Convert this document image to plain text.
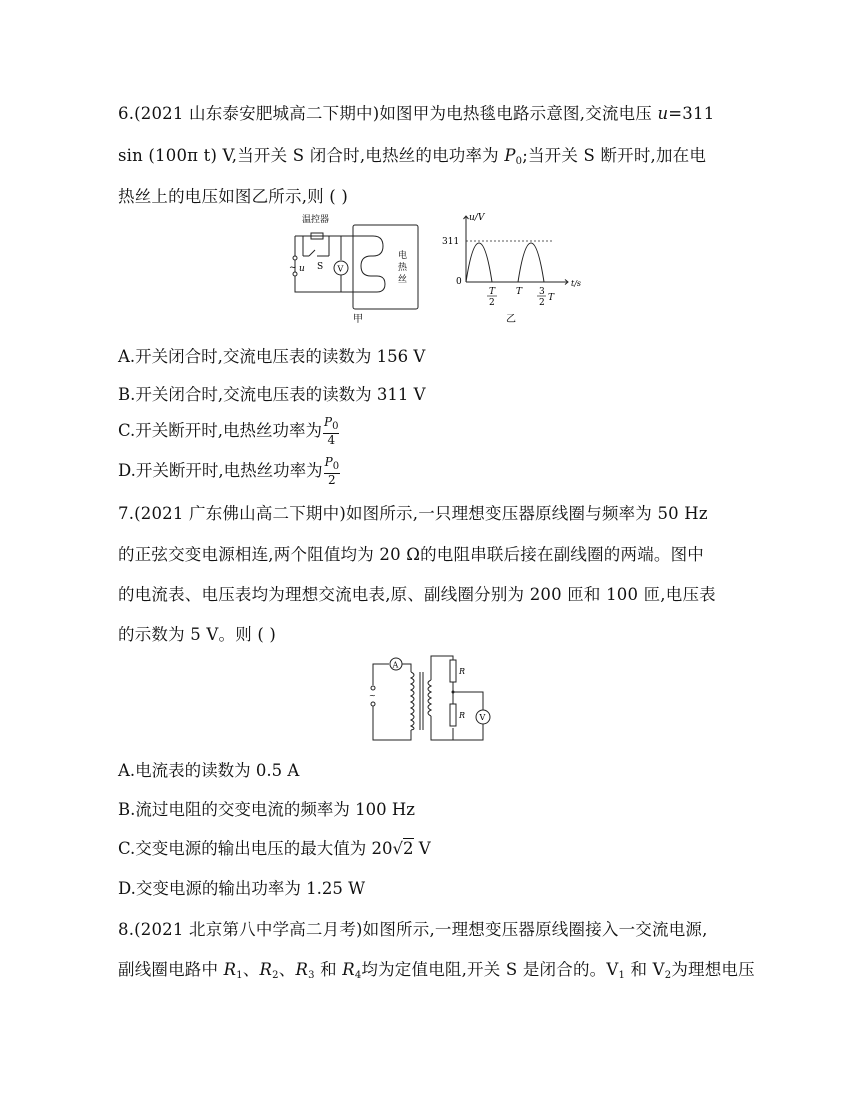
6.(2021 山东泰安肥城高二下期中)如图甲为电热毯电路示意图,交流电压 u=311
sin (100π t) V,当开关 S 闭合时,电热丝的电功率为 $P_0$;当开关 S 断开时,加在电
热丝上的电压如图乙所示,则 ( )
温控器
S
~ u	V
电
热
丝
甲
u/V
311
0	t/s
T
2
T 3
2 T
乙
A.开关闭合时,交流电压表的读数为 156 V
B.开关闭合时,交流电压表的读数为 311 V
C.开关断开时,电热丝功率为 $\frac{P_0}{4}$
D.开关断开时,电热丝功率为 $\frac{P_0}{2}$
7.(2021 广东佛山高二下期中)如图所示,一只理想变压器原线圈与频率为 50 Hz
的正弦交变电源相连,两个阻值均为 20 Ω的电阻串联后接在副线圈的两端。图中
的电流表、电压表均为理想交流电表,原、副线圈分别为 200 匝和 100 匝,电压表
的示数为 5 V。则 ( )
A
~
R
R V
A.电流表的读数为 0.5 A
B.流过电阻的交变电流的频率为 100 Hz
C.交变电源的输出电压的最大值为 20√2 V
D.交变电源的输出功率为 1.25 W
8.(2021 北京第八中学高二月考)如图所示,一理想变压器原线圈接入一交流电源,
副线圈电路中 $R_1$、$R_2$、$R_3$ 和 $R_4$均为定值电阻,开关 S 是闭合的。$V_1$ 和 $V_2$为理想电压
